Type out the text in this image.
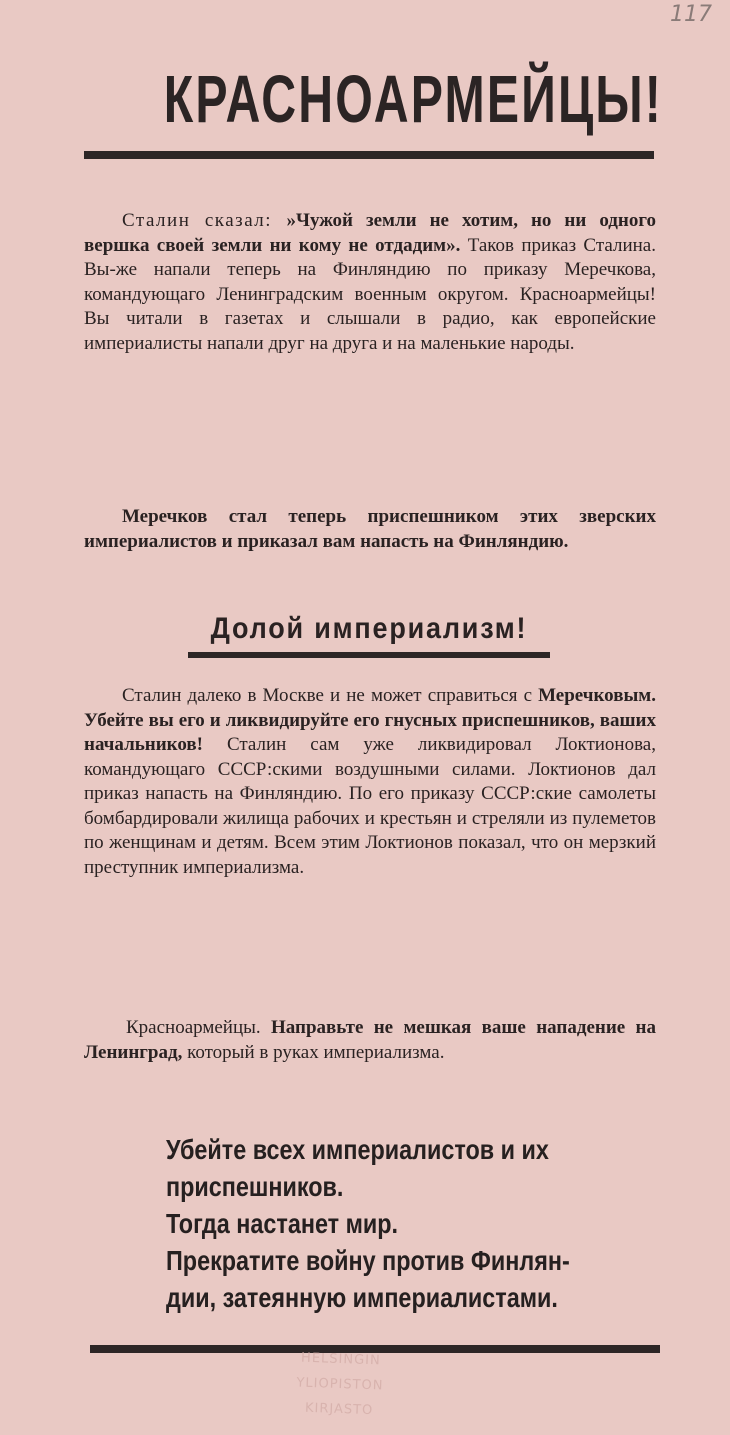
117
КРАСНОАРМЕЙЦЫ!
Сталин сказал: »Чужой земли не хотим, но ни одного вершка своей земли ни кому не отдадим». Таков приказ Сталина. Вы-же напали теперь на Финляндию по приказу Меречкова, командующаго Ленинградским военным округом. Красноармейцы! Вы читали в газетах и слышали в радио, как европейские империалисты напали друг на друга и на маленькие народы.
Меречков стал теперь приспешником этих зверских империалистов и приказал вам напасть на Финляндию.
Долой империализм!
Сталин далеко в Москве и не может справиться с Меречковым. Убейте вы его и ликвидируйте его гнусных приспешников, ваших начальников! Сталин сам уже ликвидировал Локтионова, командующаго СССР:скими воздушными силами. Локтионов дал приказ напасть на Финляндию. По его приказу СССР:ские самолеты бомбардировали жилища рабочих и крестьян и стреляли из пулеметов по женщинам и детям. Всем этим Локтионов показал, что он мерзкий преступник империализма.
Красноармейцы. Направьте не мешкая ваше нападение на Ленинград, который в руках империализма.
Убейте всех империалистов и их
приспешников.
Тогда настанет мир.
Прекратите войну против Финлян-
дии, затеянную империалистами.
HELSINGIN
YLIOPISTON
KIRJASTO
